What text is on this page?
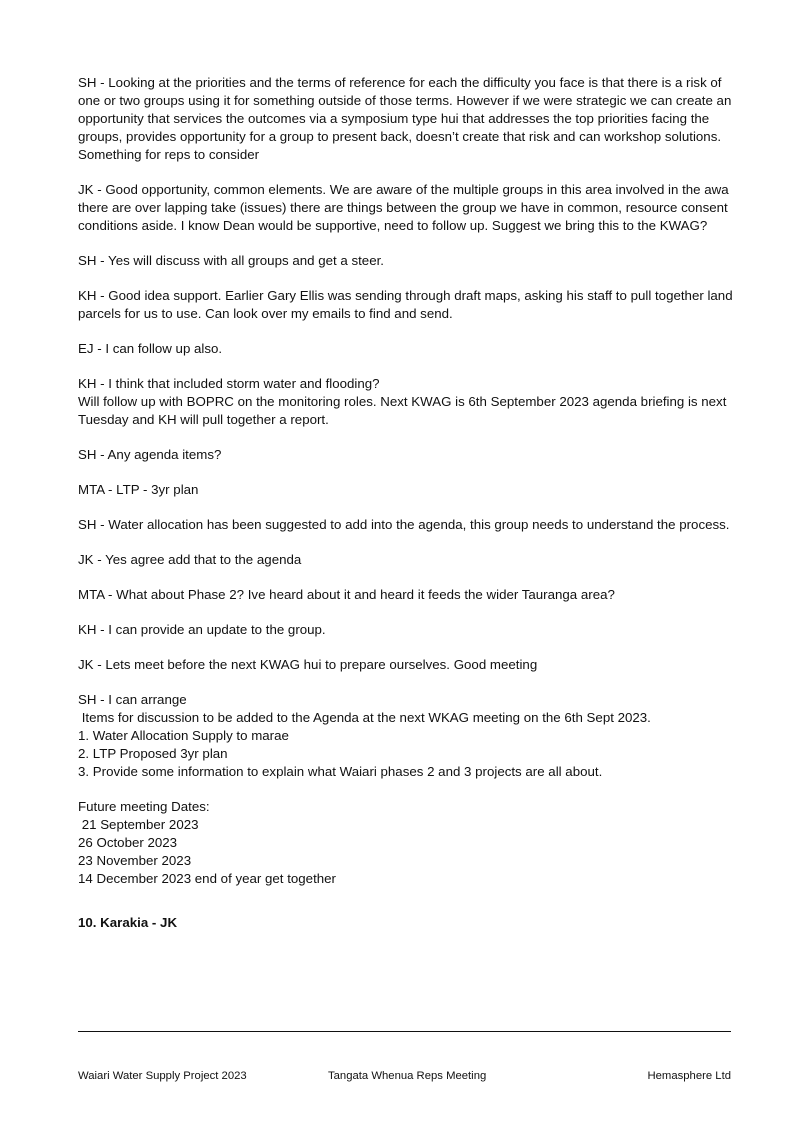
SH - Looking at the priorities and the terms of reference for each the difficulty you face is that there is a risk of one or two groups using it for something outside of those terms. However if we were strategic we can create an opportunity that services the outcomes via a symposium type hui that addresses the top priorities facing the groups, provides opportunity for a group to present back, doesn’t create that risk and can workshop solutions. Something for reps to consider
JK - Good opportunity, common elements. We are aware of the multiple groups in this area involved in the awa there are over lapping take (issues) there are things between the group we have in common, resource consent conditions aside. I know Dean would be supportive, need to follow up. Suggest we bring this to the KWAG?
SH - Yes will discuss with all groups and get a steer.
KH - Good idea support. Earlier Gary Ellis was sending through draft maps, asking his staff to pull together land parcels for us to use. Can look over my emails to find and send.
EJ - I can follow up also.
KH - I think that included storm water and flooding?
Will follow up with BOPRC on the monitoring roles. Next KWAG is 6th September 2023 agenda briefing is next Tuesday and KH will pull together a report.
SH - Any agenda items?
MTA - LTP - 3yr plan
SH - Water allocation has been suggested to add into the agenda, this group needs to understand the process.
JK - Yes agree add that to the agenda
MTA - What about Phase 2? Ive heard about it and heard it feeds the wider Tauranga area?
KH - I can provide an update to the group.
JK - Lets meet before the next KWAG hui to prepare ourselves. Good meeting
SH - I can arrange
Items for discussion to be added to the Agenda at the next WKAG meeting on the 6th Sept 2023.
1. Water Allocation Supply to marae
2. LTP Proposed 3yr plan
3. Provide some information to explain what Waiari phases 2 and 3 projects are all about.
Future meeting Dates:
21 September 2023
26 October 2023
23 November 2023
14 December 2023 end of year get together
10. Karakia - JK
Waiari Water Supply Project 2023	Tangata Whenua Reps Meeting	Hemasphere Ltd
